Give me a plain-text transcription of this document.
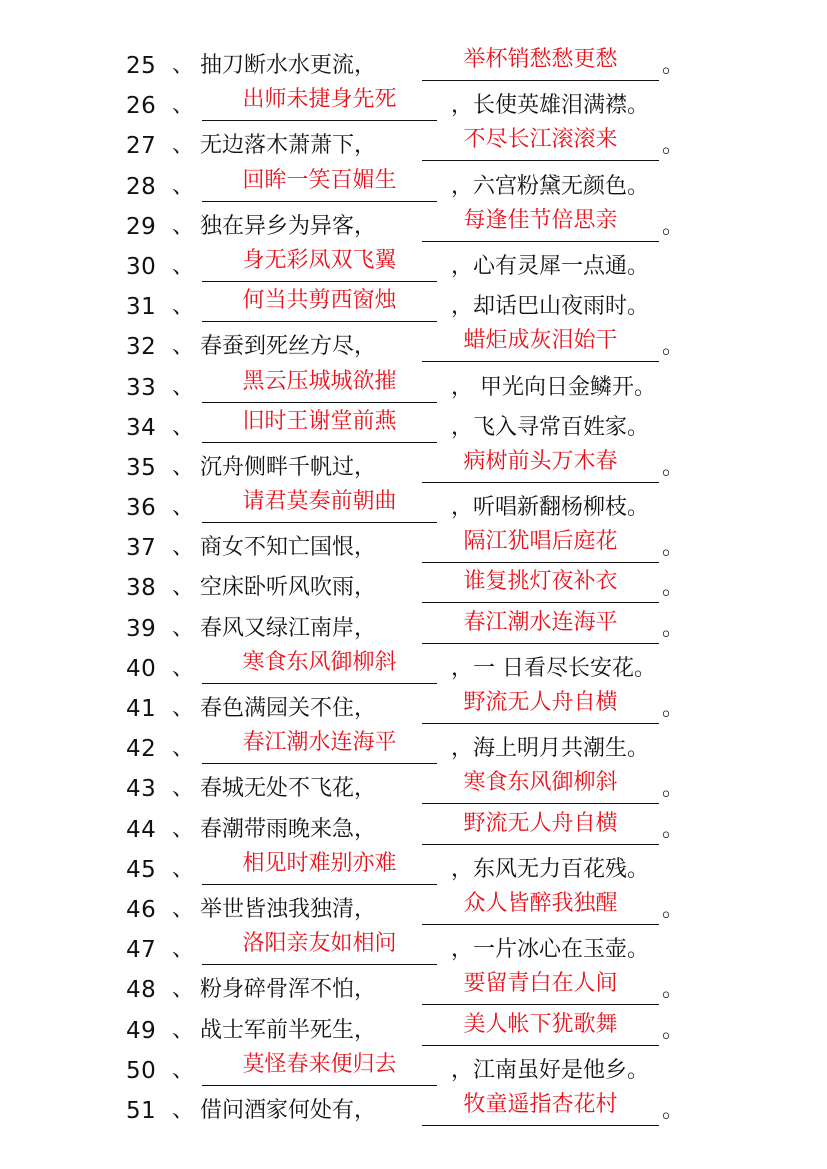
25 、 抽刀断水水更流，	举杯销愁愁更愁	。
26 、	出师未捷身先死	，长使英雄泪满襟。
27 、 无边落木萧萧下，	不尽长江滚滚来	。
28 、	回眸一笑百媚生	，六宫粉黛无颜色。
29 、 独在异乡为异客，	每逢佳节倍思亲	。
30 、	身无彩凤双飞翼	，心有灵犀一点通。
31 、	何当共剪西窗烛	，却话巴山夜雨时。
32 、 春蚕到死丝方尽，	蜡炬成灰泪始干	。
33 、	黑云压城城欲摧	， 甲光向日金鳞开。
34 、	旧时王谢堂前燕	，飞入寻常百姓家。
35 、 沉舟侧畔千帆过，	病树前头万木春	。
36 、	请君莫奏前朝曲	，听唱新翻杨柳枝。
37 、 商女不知亡国恨，	隔江犹唱后庭花	。
38 、 空床卧听风吹雨，	谁复挑灯夜补衣	。
39 、 春风又绿江南岸，	春江潮水连海平	。
40 、	寒食东风御柳斜	，一 日看尽长安花。
41 、 春色满园关不住，	野流无人舟自横	。
42 、	春江潮水连海平	，海上明月共潮生。
43 、 春城无处不飞花，	寒食东风御柳斜	。
44 、 春潮带雨晚来急，	野流无人舟自横	。
45 、	相见时难别亦难	，东风无力百花残。
46 、 举世皆浊我独清，	众人皆醉我独醒	。
47 、	洛阳亲友如相问	，一片冰心在玉壶。
48 、 粉身碎骨浑不怕，	要留青白在人间	。
49 、 战士军前半死生，	美人帐下犹歌舞	。
50 、	莫怪春来便归去	，江南虽好是他乡。
51 、 借问酒家何处有，	牧童遥指杏花村	。
